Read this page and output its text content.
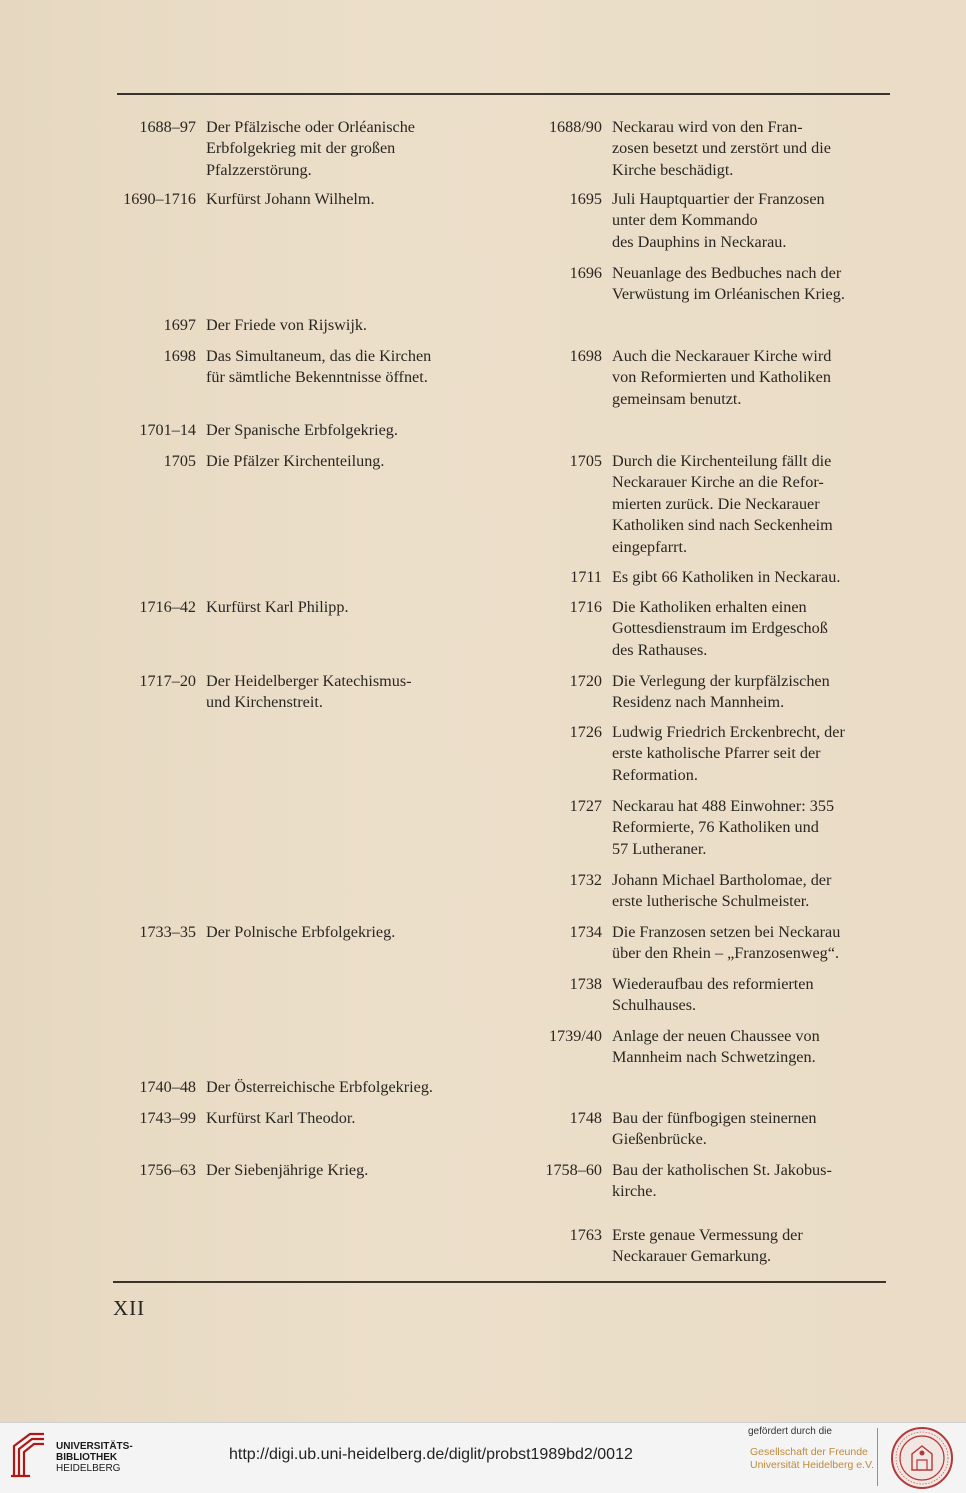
1688–97 Der Pfälzische oder Orléanische
Erbfolgekrieg mit der großen
Pfalzzerstörung.
1690–1716 Kurfürst Johann Wilhelm.
1697 Der Friede von Rijswijk.
1698 Das Simultaneum, das die Kirchen
für sämtliche Bekenntnisse öffnet.
1701–14 Der Spanische Erbfolgekrieg.
1705 Die Pfälzer Kirchenteilung.
1716–42 Kurfürst Karl Philipp.
1717–20 Der Heidelberger Katechismus-
und Kirchenstreit.
1733–35 Der Polnische Erbfolgekrieg.
1740–48 Der Österreichische Erbfolgekrieg.
1743–99 Kurfürst Karl Theodor.
1756–63 Der Siebenjährige Krieg.
1688/90 Neckarau wird von den Fran-
zosen besetzt und zerstört und die
Kirche beschädigt.
1695 Juli Hauptquartier der Franzosen
unter dem Kommando
des Dauphins in Neckarau.
1696 Neuanlage des Bedbuches nach der
Verwüstung im Orléanischen Krieg.
1698 Auch die Neckarauer Kirche wird
von Reformierten und Katholiken
gemeinsam benutzt.
1705 Durch die Kirchenteilung fällt die
Neckarauer Kirche an die Refor-
mierten zurück. Die Neckarauer
Katholiken sind nach Seckenheim
eingepfarrt.
1711 Es gibt 66 Katholiken in Neckarau.
1716 Die Katholiken erhalten einen
Gottesdienstraum im Erdgeschoß
des Rathauses.
1720 Die Verlegung der kurpfälzischen
Residenz nach Mannheim.
1726 Ludwig Friedrich Erckenbrecht, der
erste katholische Pfarrer seit der
Reformation.
1727 Neckarau hat 488 Einwohner: 355
Reformierte, 76 Katholiken und
57 Lutheraner.
1732 Johann Michael Bartholomae, der
erste lutherische Schulmeister.
1734 Die Franzosen setzen bei Neckarau
über den Rhein – „Franzosenweg“.
1738 Wiederaufbau des reformierten
Schulhauses.
1739/40 Anlage der neuen Chaussee von
Mannheim nach Schwetzingen.
1748 Bau der fünfbogigen steinernen
Gießenbrücke.
1758–60 Bau der katholischen St. Jakobus-
kirche.
1763 Erste genaue Vermessung der
Neckarauer Gemarkung.
XII
UNIVERSITÄTS-
BIBLIOTHEK
HEIDELBERG
http://digi.ub.uni-heidelberg.de/diglit/probst1989bd2/0012
gefördert durch die
Gesellschaft der Freunde
Universität Heidelberg e.V.
